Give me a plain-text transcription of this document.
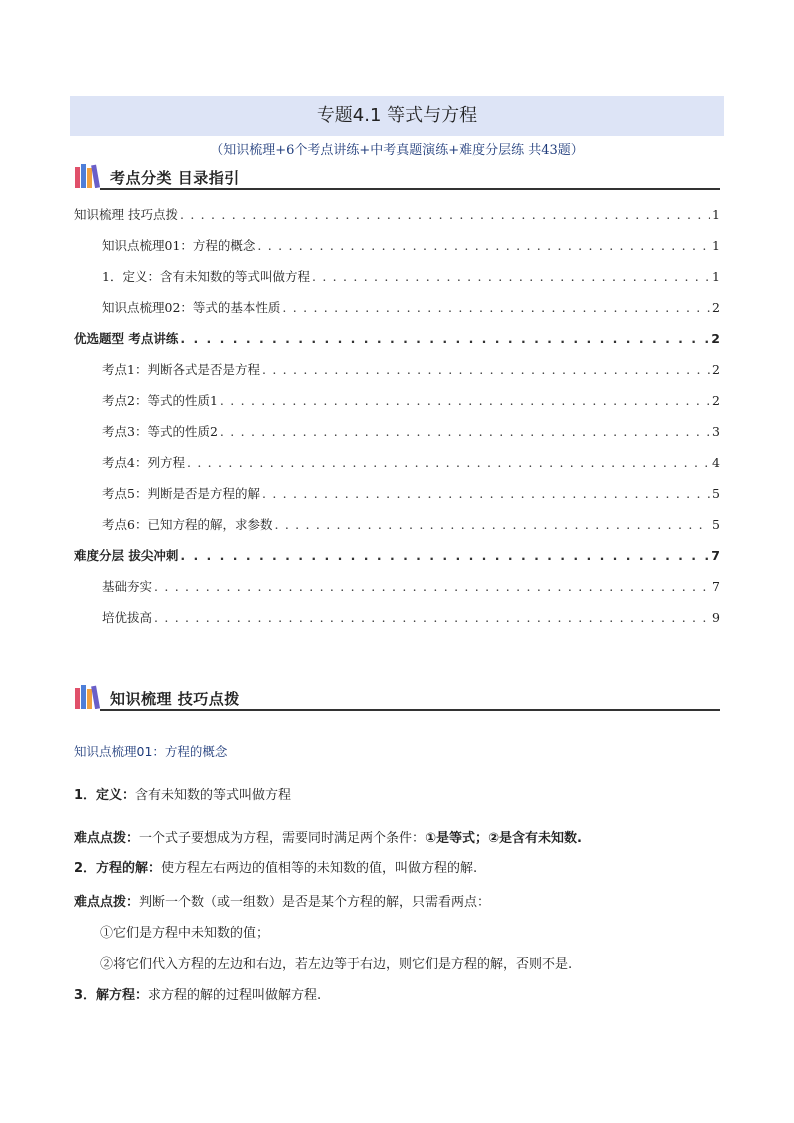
专题4.1 等式与方程
（知识梳理+6个考点讲练+中考真题演练+难度分层练 共43题）
考点分类 目录指引
知识梳理 技巧点拨 . . .	1
知识点梳理01：方程的概念 . . .	1
1．定义：含有未知数的等式叫做方程 . . .	1
知识点梳理02：等式的基本性质 . . .	2
优选题型 考点讲练 . . .	2
考点1：判断各式是否是方程 . . .	2
考点2：等式的性质1 . . .	2
考点3：等式的性质2 . . .	3
考点4：列方程 . . .	4
考点5：判断是否是方程的解 . . .	5
考点6：已知方程的解，求参数 . . .	5
难度分层 拔尖冲刺 . . .	7
基础夯实 . . .	7
培优拔高 . . .	9
知识梳理 技巧点拨
知识点梳理01：方程的概念
1．定义：含有未知数的等式叫做方程
难点点拨：一个式子要想成为方程，需要同时满足两个条件：①是等式；②是含有未知数.
2．方程的解：使方程左右两边的值相等的未知数的值，叫做方程的解.
难点点拨：判断一个数（或一组数）是否是某个方程的解，只需看两点：
①它们是方程中未知数的值；
②将它们代入方程的左边和右边，若左边等于右边，则它们是方程的解，否则不是.
3．解方程：求方程的解的过程叫做解方程.
